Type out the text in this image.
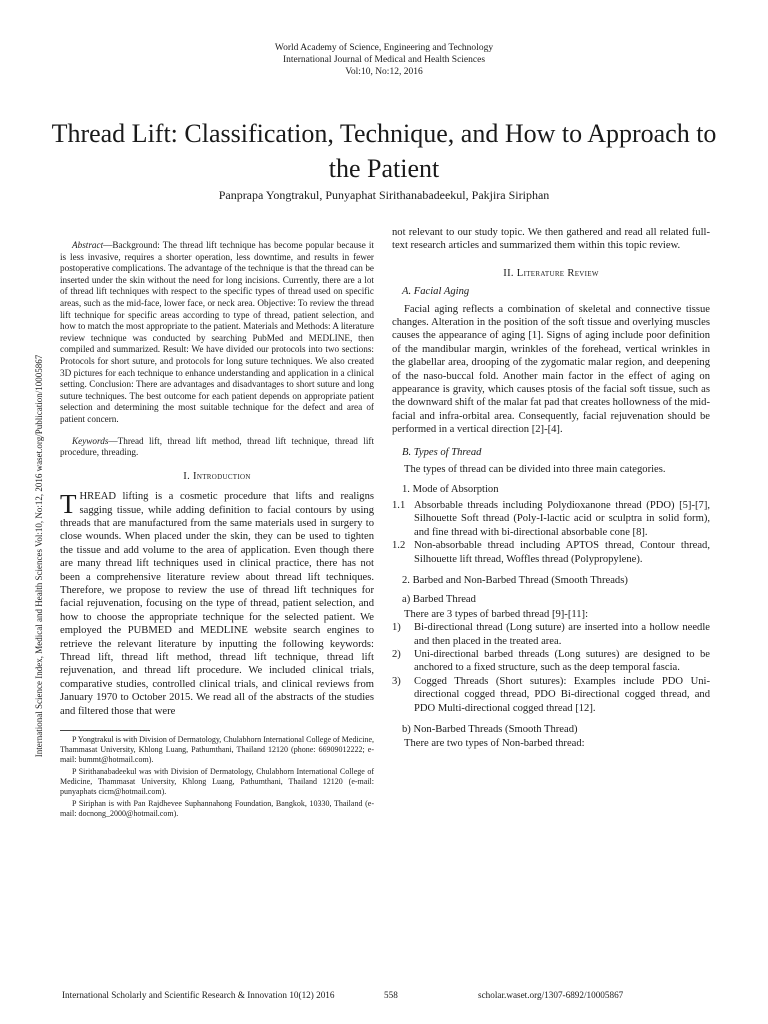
World Academy of Science, Engineering and Technology
International Journal of Medical and Health Sciences
Vol:10, No:12, 2016
Thread Lift: Classification, Technique, and How to Approach to the Patient
Panprapa Yongtrakul, Punyaphat Sirithanabadeekul, Pakjira Siriphan
International Science Index, Medical and Health Sciences Vol:10, No:12, 2016 waset.org/Publication/10005867

Abstract—Background: The thread lift technique has become popular because it is less invasive, requires a shorter operation, less downtime, and results in fewer postoperative complications. The advantage of the technique is that the thread can be inserted under the skin without the need for long incisions. Currently, there are a lot of thread lift techniques with respect to the specific types of thread used on specific areas, such as the mid-face, lower face, or neck area. Objective: To review the thread lift technique for specific areas according to type of thread, patient selection, and how to match the most appropriate to the patient. Materials and Methods: A literature review technique was conducted by searching PubMed and MEDLINE, then compiled and summarized. Result: We have divided our protocols into two sections: Protocols for short suture, and protocols for long suture techniques. We also created 3D pictures for each technique to enhance understanding and application in a clinical setting. Conclusion: There are advantages and disadvantages to short suture and long suture techniques. The best outcome for each patient depends on appropriate patient selection and determining the most suitable technique for the defect and area of patient concern.

Keywords—Thread lift, thread lift method, thread lift technique, thread lift procedure, threading.

I. Introduction

THREAD lifting is a cosmetic procedure that lifts and realigns sagging tissue, while adding definition to facial contours by using threads that are manufactured from the same materials used in surgery to close wounds. When placed under the skin, they can be used to tighten the tissue and add volume to the area of application. Even though there are many thread lift techniques used in clinical practice, there has not been a comprehensive literature review about thread lift techniques. Therefore, we propose to review the use of thread lift techniques for facial rejuvenation, focusing on the type of thread, patient selection, and how to choose the appropriate technique for the selected patient. We employed the PUBMED and MEDLINE website search engines to retrieve the relevant literature by inputting the following keywords: Thread lift, thread lift method, thread lift technique, thread lift rejuvenation, and thread lift procedure. We included clinical trials, comparative studies, controlled clinical trials, and clinical reviews from January 1970 to October 2015. We read all of the abstracts of the studies and filtered those that were

P Yongtrakul is with Division of Dermatology, Chulabhorn International College of Medicine, Thammasat University, Khlong Luang, Pathumthani, Thailand 12120 (phone: 66909012222; e-mail: bummt@hotmail.com).

P Sirithanabadeekul was with Division of Dermatology, Chulabhorn International College of Medicine, Thammasat University, Khlong Luang, Pathumthani, Thailand 12120 (e-mail: punyaphats cicm@hotmail.com).

P Siriphan is with Pan Rajdhevee Suphannahong Foundation, Bangkok, 10330, Thailand (e-mail: docnong_2000@hotmail.com).

not relevant to our study topic. We then gathered and read all related full-text research articles and summarized them within this topic review.

II. Literature Review
A. Facial Aging

Facial aging reflects a combination of skeletal and connective tissue changes. Alteration in the position of the soft tissue and overlying muscles causes the appearance of aging [1]. Signs of aging include poor definition of the mandibular margin, wrinkles of the forehead, vertical wrinkles in the glabellar area, drooping of the zygomatic malar region, and deepening of the naso-buccal fold. Another main factor in the effect of aging on appearance is gravity, which causes ptosis of the facial soft tissue, such as the downward shift of the malar fat pad that creates hollowness of the mid-facial and infra-orbital area. Consequently, facial rejuvenation should be performed in a vertical direction [2]-[4].

B. Types of Thread

The types of thread can be divided into three main categories.

1. Mode of Absorption
1.1 Absorbable threads including Polydioxanone thread (PDO) [5]-[7], Silhouette Soft thread (Poly-I-lactic acid or sculptra in solid form), and fine thread with bi-directional absorbable cone [8].
1.2 Non-absorbable thread including APTOS thread, Contour thread, Silhouette lift thread, Woffles thread (Polypropylene).
2. Barbed and Non-Barbed Thread (Smooth Threads)
a) Barbed Thread

There are 3 types of barbed thread [9]-[11]:

1) Bi-directional thread (Long suture) are inserted into a hollow needle and then placed in the treated area.
2) Uni-directional barbed threads (Long sutures) are designed to be anchored to a fixed structure, such as the deep temporal fascia.
3) Cogged Threads (Short sutures): Examples include PDO Uni-directional cogged thread, PDO Bi-directional cogged thread, and PDO Multi-directional cogged thread [12].
b) Non-Barbed Threads (Smooth Thread)

There are two types of Non-barbed thread:

International Scholarly and Scientific Research & Innovation 10(12) 2016	558	scholar.waset.org/1307-6892/10005867
